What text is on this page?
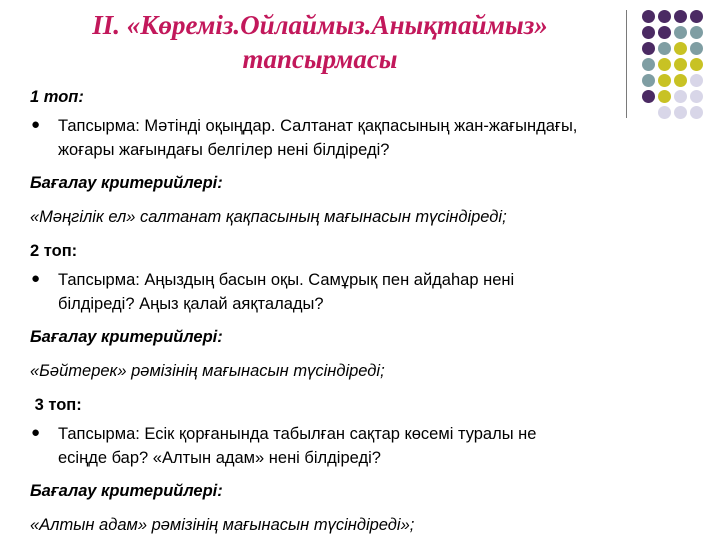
II. «Көреміз.Ойлаймыз.Анықтаймыз»
тапсырмасы

1 топ:

● Тапсырма: Мәтінді оқыңдар. Салтанат қақпасының жан-жағындағы,

жоғары жағындағы белгілер нені білдіреді?

Бағалау критерийлері:

«Мәңгілік ел» салтанат қақпасының мағынасын түсіндіреді;

2 топ:

● Тапсырма: Аңыздың басын оқы. Самұрық пен айдаһар нені

білдіреді? Аңыз қалай аяқталады?

Бағалау критерийлері:

«Бәйтерек» рәмізінің мағынасын түсіндіреді;

3 топ:

● Тапсырма: Есік қорғанында табылған сақтар көсемі туралы не

есіңде бар? «Алтын адам» нені білдіреді?

Бағалау критерийлері:

«Алтын адам» рәмізінің мағынасын түсіндіреді»;
